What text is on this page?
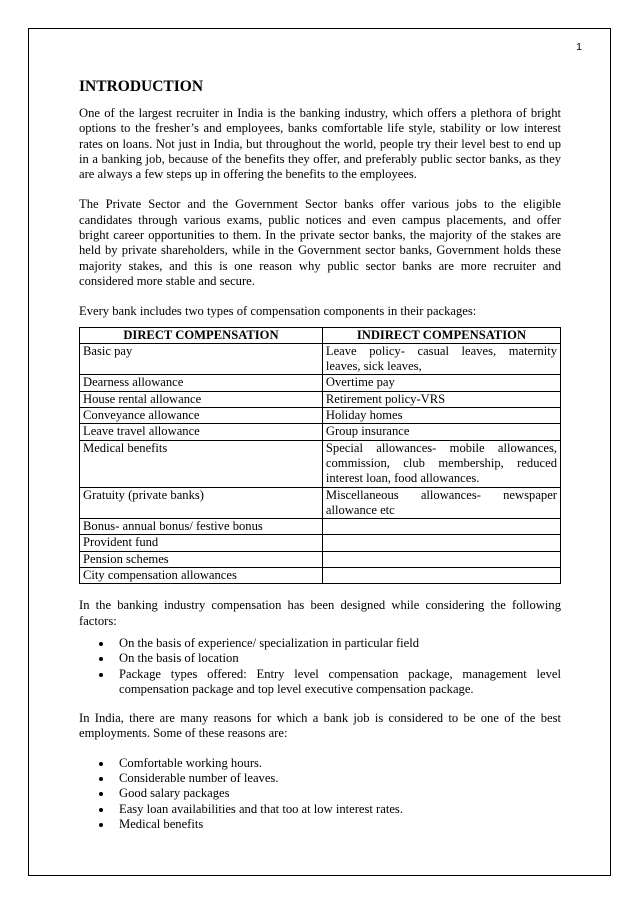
1
INTRODUCTION

One of the largest recruiter in India is the banking industry, which offers a plethora of bright options to the fresher’s and employees, banks comfortable life style, stability or low interest rates on loans. Not just in India, but throughout the world, people try their level best to end up in a banking job, because of the benefits they offer, and preferably public sector banks, as they are always a few steps up in offering the benefits to the employees.

The Private Sector and the Government Sector banks offer various jobs to the eligible candidates through various exams, public notices and even campus placements, and offer bright career opportunities to them. In the private sector banks, the majority of the stakes are held by private shareholders, while in the Government sector banks, Government holds these majority stakes, and this is one reason why public sector banks are more recruiter and considered more stable and secure.

Every bank includes two types of compensation components in their packages:

DIRECT COMPENSATION	INDIRECT COMPENSATION
Basic pay	Leave policy- casual leaves, maternity leaves, sick leaves,
Dearness allowance	Overtime pay
House rental allowance	Retirement policy-VRS
Conveyance allowance	Holiday homes
Leave travel allowance	Group insurance
Medical benefits	Special allowances- mobile allowances, commission, club membership, reduced interest loan, food allowances.
Gratuity (private banks)	Miscellaneous allowances- newspaper allowance etc
Bonus- annual bonus/ festive bonus	
Provident fund	
Pension schemes	
City compensation allowances	

In the banking industry compensation has been designed while considering the following factors:

• On the basis of experience/ specialization in particular field
• On the basis of location
• Package types offered: Entry level compensation package, management level compensation package and top level executive compensation package.

In India, there are many reasons for which a bank job is considered to be one of the best employments. Some of these reasons are:

• Comfortable working hours.
• Considerable number of leaves.
• Good salary packages
• Easy loan availabilities and that too at low interest rates.
• Medical benefits
